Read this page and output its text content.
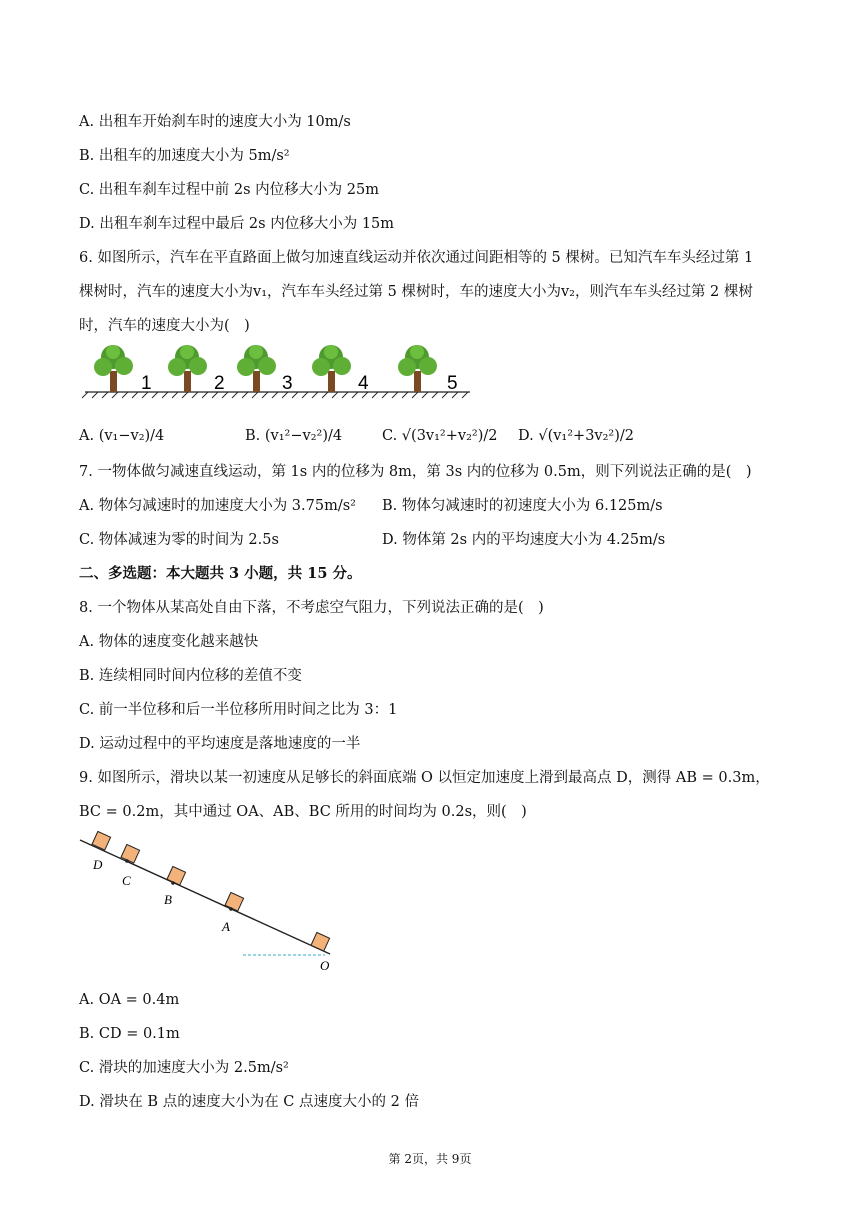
A. 出租车开始刹车时的速度大小为 10m/s
B. 出租车的加速度大小为 5m/s²
C. 出租车刹车过程中前 2s 内位移大小为 25m
D. 出租车刹车过程中最后 2s 内位移大小为 15m
6. 如图所示，汽车在平直路面上做匀加速直线运动并依次通过间距相等的 5 棵树。已知汽车车头经过第 1
棵树时，汽车的速度大小为v₁，汽车车头经过第 5 棵树时，车的速度大小为v₂，则汽车车头经过第 2 棵树
时，汽车的速度大小为(　)
1	2	3	4	5
A. (v₁−v₂)/4	B. (v₁²−v₂²)/4	C. √(3v₁²+v₂²)/2 D. √(v₁²+3v₂²)/2
7. 一物体做匀减速直线运动，第 1s 内的位移为 8m，第 3s 内的位移为 0.5m，则下列说法正确的是(　)
A. 物体匀减速时的加速度大小为 3.75m/s² B. 物体匀减速时的初速度大小为 6.125m/s
C. 物体减速为零的时间为 2.5s	D. 物体第 2s 内的平均速度大小为 4.25m/s
二、多选题：本大题共 3 小题，共 15 分。
8. 一个物体从某高处自由下落，不考虑空气阻力，下列说法正确的是(　)
A. 物体的速度变化越来越快
B. 连续相同时间内位移的差值不变
C. 前一半位移和后一半位移所用时间之比为 3：1
D. 运动过程中的平均速度是落地速度的一半
9. 如图所示，滑块以某一初速度从足够长的斜面底端 O 以恒定加速度上滑到最高点 D，测得 AB = 0.3m，
BC = 0.2m，其中通过 OA、AB、BC 所用的时间均为 0.2s，则(　)
D
C
B
A
O
A. OA = 0.4m
B. CD = 0.1m
C. 滑块的加速度大小为 2.5m/s²
D. 滑块在 B 点的速度大小为在 C 点速度大小的 2 倍
第 2页，共 9页
